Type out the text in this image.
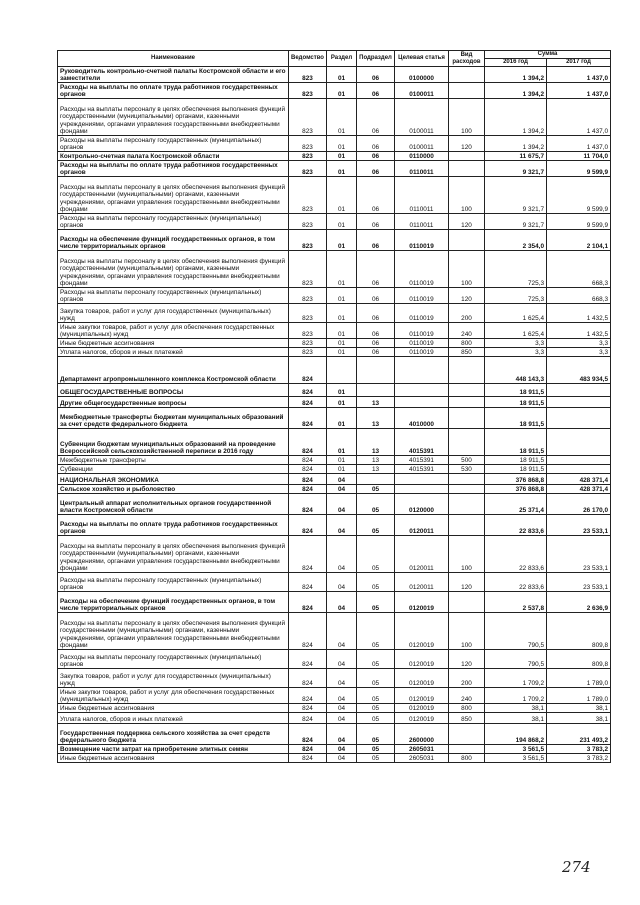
Наименование	Ведомство	Раздел	Подраздел	Целевая статья	Вид расходов	Сумма	
						2016 год	2017 год
Руководитель контрольно-счетной палаты Костромской области и его заместители	823	01	06	0100000		1 394,2	1 437,0
Расходы на выплаты по оплате труда работников государственных органов	823	01	06	0100011		1 394,2	1 437,0
Расходы на выплаты персоналу в целях обеспечения выполнения функций государственными (муниципальными) органами, казенными учреждениями, органами управления государственными внебюджетными фондами	823	01	06	0100011	100	1 394,2	1 437,0
Расходы на выплаты персоналу государственных (муниципальных) органов	823	01	06	0100011	120	1 394,2	1 437,0
Контрольно-счетная палата Костромской области	823	01	06	0110000		11 675,7	11 704,0
Расходы на выплаты по оплате труда работников государственных органов	823	01	06	0110011		9 321,7	9 599,9
Расходы на выплаты персоналу в целях обеспечения выполнения функций государственными (муниципальными) органами, казенными учреждениями, органами управления государственными внебюджетными фондами	823	01	06	0110011	100	9 321,7	9 599,9
Расходы на выплаты персоналу государственных (муниципальных) органов	823	01	06	0110011	120	9 321,7	9 599,9
Расходы на обеспечение функций государственных органов, в том числе территориальных органов	823	01	06	0110019		2 354,0	2 104,1
Расходы на выплаты персоналу в целях обеспечения выполнения функций государственными (муниципальными) органами, казенными учреждениями, органами управления государственными внебюджетными фондами	823	01	06	0110019	100	725,3	668,3
Расходы на выплаты персоналу государственных (муниципальных) органов	823	01	06	0110019	120	725,3	668,3
Закупка товаров, работ и услуг для государственных (муниципальных) нужд	823	01	06	0110019	200	1 625,4	1 432,5
Иные закупки товаров, работ и услуг для обеспечения государственных (муниципальных) нужд	823	01	06	0110019	240	1 625,4	1 432,5
Иные бюджетные ассигнования	823	01	06	0110019	800	3,3	3,3
Уплата налогов, сборов и иных платежей	823	01	06	0110019	850	3,3	3,3
Департамент агропромышленного комплекса Костромской области	824					448 143,3	483 934,5
ОБЩЕГОСУДАРСТВЕННЫЕ ВОПРОСЫ	824	01				18 911,5	
Другие общегосударственные вопросы	824	01	13			18 911,5	
Межбюджетные трансферты бюджетам муниципальных образований за счет средств федерального бюджета	824	01	13	4010000		18 911,5	
Субвенции бюджетам муниципальных образований на проведение Всероссийской сельскохозяйственной переписи в 2016 году	824	01	13	4015391		18 911,5	
Межбюджетные трансферты	824	01	13	4015391	500	18 911,5	
Субвенции	824	01	13	4015391	530	18 911,5	
НАЦИОНАЛЬНАЯ ЭКОНОМИКА	824	04				376 868,8	428 371,4
Сельское хозяйство и рыболовство	824	04	05			376 868,8	428 371,4
Центральный аппарат исполнительных органов государственной власти Костромской области	824	04	05	0120000		25 371,4	26 170,0
Расходы на выплаты по оплате труда работников государственных органов	824	04	05	0120011		22 833,6	23 533,1
Расходы на выплаты персоналу в целях обеспечения выполнения функций государственными (муниципальными) органами, казенными учреждениями, органами управления государственными внебюджетными фондами	824	04	05	0120011	100	22 833,6	23 533,1
Расходы на выплаты персоналу государственных (муниципальных) органов	824	04	05	0120011	120	22 833,6	23 533,1
Расходы на обеспечение функций государственных органов, в том числе территориальных органов	824	04	05	0120019		2 537,8	2 636,9
Расходы на выплаты персоналу в целях обеспечения выполнения функций государственными (муниципальными) органами, казенными учреждениями, органами управления государственными внебюджетными фондами	824	04	05	0120019	100	790,5	809,8
Расходы на выплаты персоналу государственных (муниципальных) органов	824	04	05	0120019	120	790,5	809,8
Закупка товаров, работ и услуг для государственных (муниципальных) нужд	824	04	05	0120019	200	1 709,2	1 789,0
Иные закупки товаров, работ и услуг для обеспечения государственных (муниципальных) нужд	824	04	05	0120019	240	1 709,2	1 789,0
Иные бюджетные ассигнования	824	04	05	0120019	800	38,1	38,1
Уплата налогов, сборов и иных платежей	824	04	05	0120019	850	38,1	38,1
Государственная поддержка сельского хозяйства за счет средств федерального бюджета	824	04	05	2600000		194 868,2	231 493,2
Возмещение части затрат на приобретение элитных семян	824	04	05	2605031		3 561,5	3 783,2
Иные бюджетные ассигнования	824	04	05	2605031	800	3 561,5	3 783,2
274
